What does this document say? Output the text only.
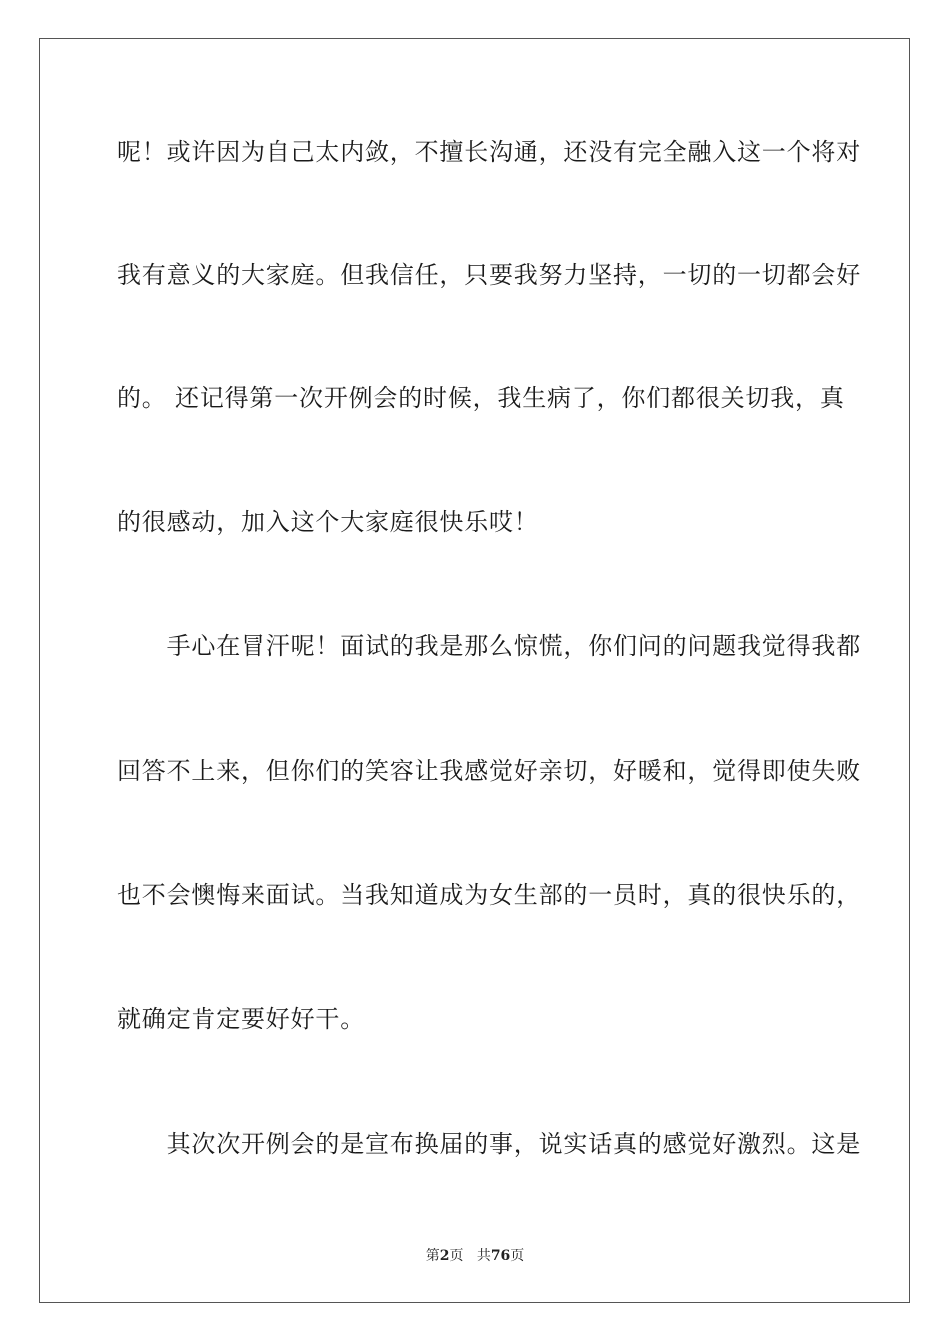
呢！或许因为自己太内敛，不擅长沟通，还没有完全融入这一个将对
我有意义的大家庭。但我信任，只要我努力坚持，一切的一切都会好
的。 还记得第一次开例会的时候，我生病了，你们都很关切我，真
的很感动，加入这个大家庭很快乐哎！
　　手心在冒汗呢！面试的我是那么惊慌，你们问的问题我觉得我都
回答不上来，但你们的笑容让我感觉好亲切，好暖和，觉得即使失败
也不会懊悔来面试。当我知道成为女生部的一员时，真的很快乐的，
就确定肯定要好好干。
　　其次次开例会的是宣布换届的事，说实话真的感觉好激烈。这是
第2页 共76页
